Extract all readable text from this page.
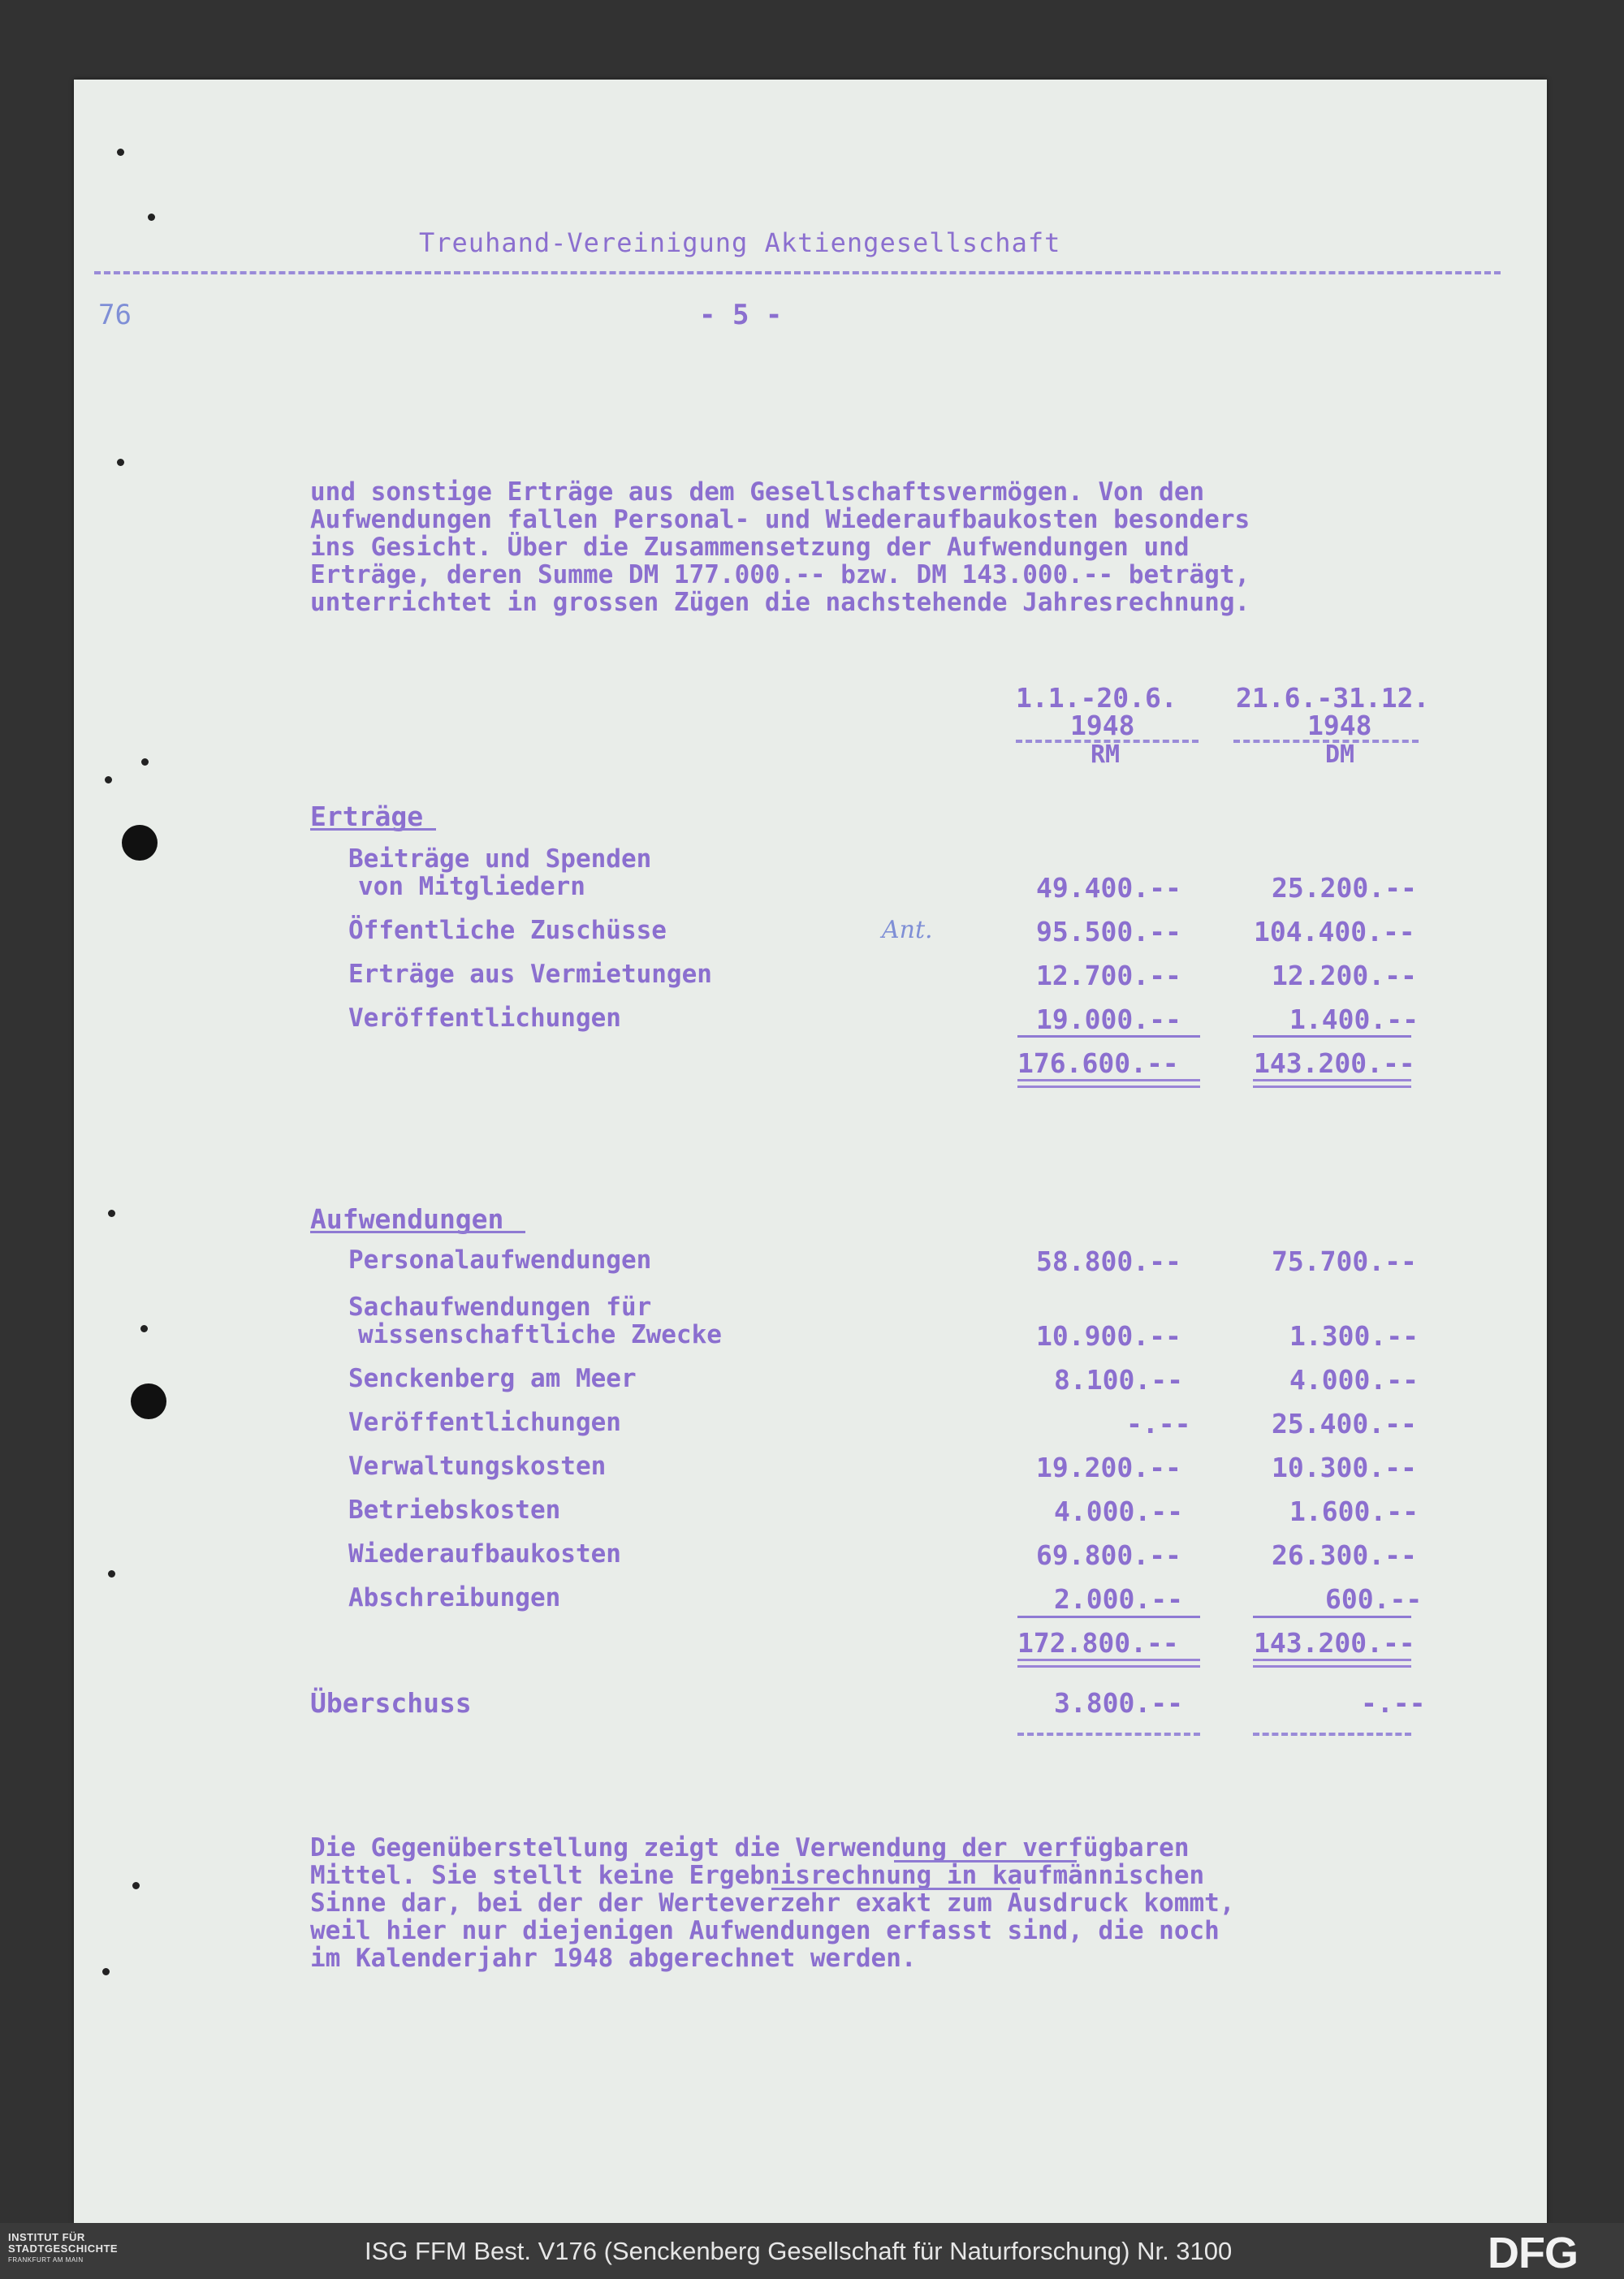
Treuhand-Vereinigung Aktiengesellschaft
76	- 5 -
und sonstige Erträge aus dem Gesellschaftsvermögen. Von den
Aufwendungen fallen Personal- und Wiederaufbaukosten besonders
ins Gesicht. Über die Zusammensetzung der Aufwendungen und
Erträge, deren Summe DM 177.000.-- bzw. DM 143.000.-- beträgt,
unterrichtet in grossen Zügen die nachstehende Jahresrechnung.
1.1.-20.6.
1948
RM
21.6.-31.12.
1948
DM
Erträge
Beiträge und Spenden
von Mitgliedern	49.400.--	25.200.--
Öffentliche Zuschüsse	Ant.	95.500.--	104.400.--
Erträge aus Vermietungen	12.700.--	12.200.--
Veröffentlichungen	19.000.--	1.400.--
176.600.--	143.200.--
Aufwendungen
Personalaufwendungen	58.800.--	75.700.--
Sachaufwendungen für
wissenschaftliche Zwecke	10.900.--	1.300.--
Senckenberg am Meer	8.100.--	4.000.--
Veröffentlichungen	-.--	25.400.--
Verwaltungskosten	19.200.--	10.300.--
Betriebskosten	4.000.--	1.600.--
Wiederaufbaukosten	69.800.--	26.300.--
Abschreibungen	2.000.--	600.--
172.800.--	143.200.--
Überschuss	3.800.--	-.--
Die Gegenüberstellung zeigt die Verwendung der verfügbaren
Mittel. Sie stellt keine Ergebnisrechnung in kaufmännischen
Sinne dar, bei der der Werteverzehr exakt zum Ausdruck kommt,
weil hier nur diejenigen Aufwendungen erfasst sind, die noch
im Kalenderjahr 1948 abgerechnet werden.
INSTITUT FÜR
STADTGESCHICHTE
FRANKFURT AM MAIN	ISG FFM Best. V176 (Senckenberg Gesellschaft für Naturforschung) Nr. 3100	DFG
